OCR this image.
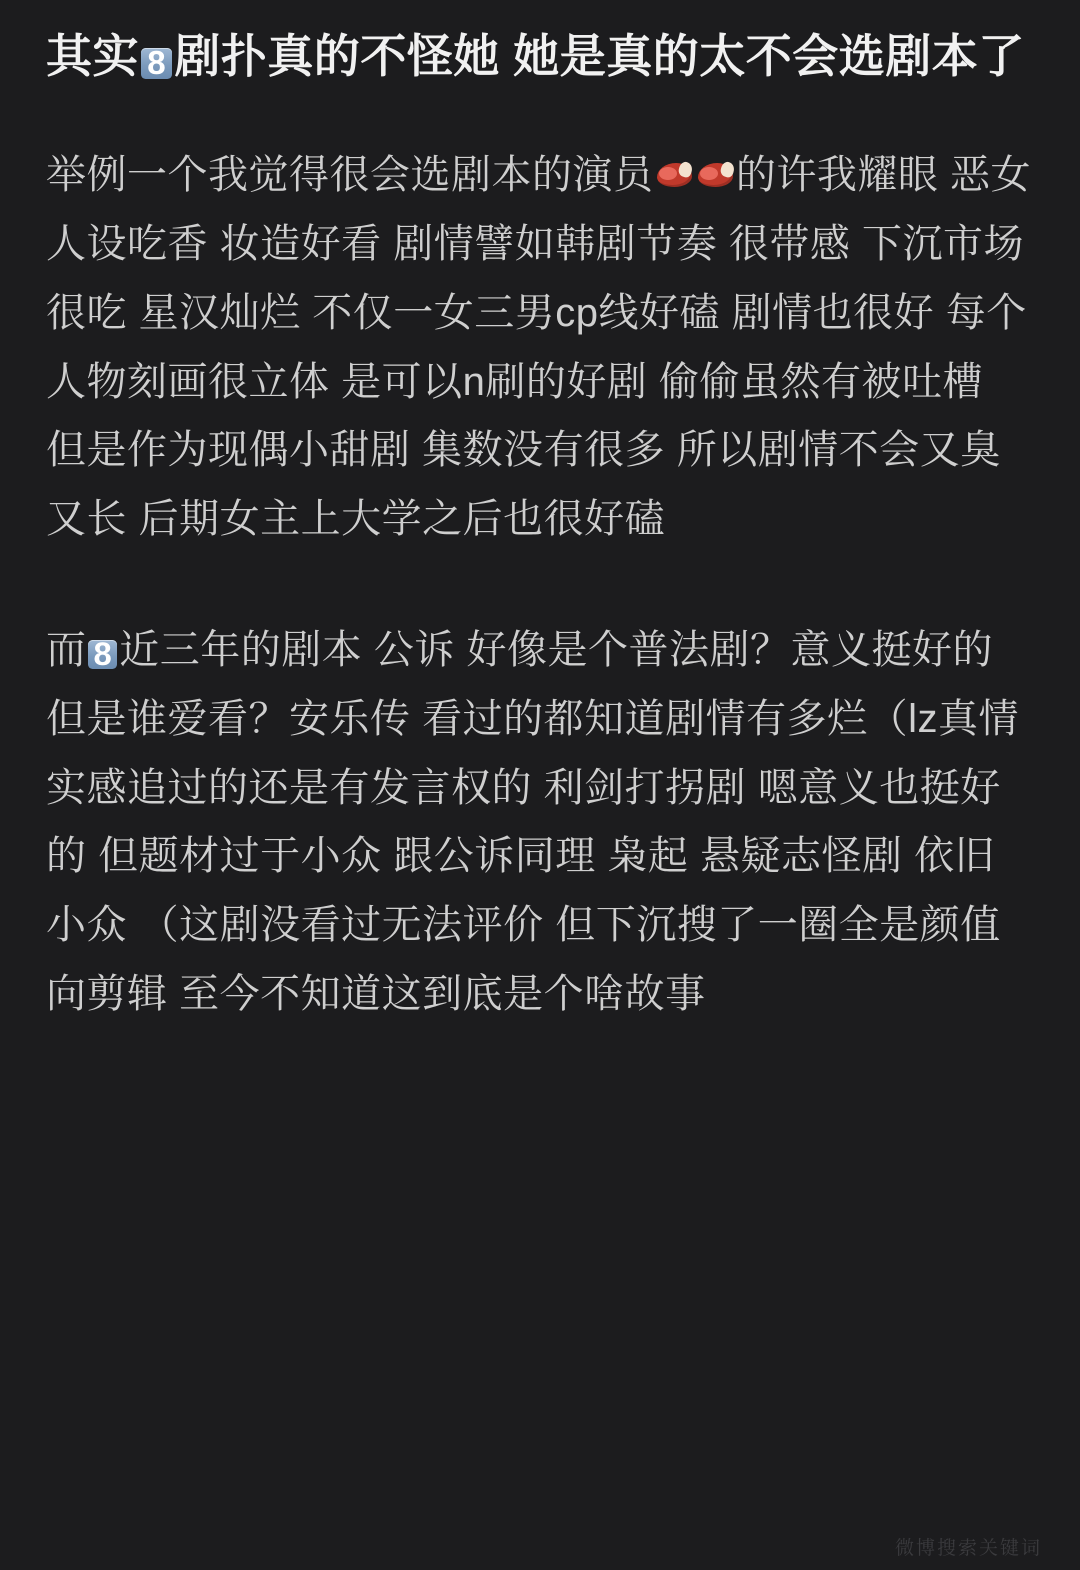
其实 8 剧扑真的不怪她 她是真的太不会选剧本了

举例一个我觉得很会选剧本的演员 的许我耀眼 恶女人设吃香 妆造好看 剧情譬如韩剧节奏 很带感 下沉市场很吃 星汉灿烂 不仅一女三男cp线好磕 剧情也很好 每个人物刻画很立体 是可以n刷的好剧 偷偷虽然有被吐槽 但是作为现偶小甜剧 集数没有很多 所以剧情不会又臭又长 后期女主上大学之后也很好磕

而 8 近三年的剧本 公诉 好像是个普法剧？意义挺好的 但是谁爱看？安乐传 看过的都知道剧情有多烂（lz真情实感追过的还是有发言权的 利剑打拐剧 嗯意义也挺好的 但题材过于小众 跟公诉同理 枭起 悬疑志怪剧 依旧小众 （这剧没看过无法评价 但下沉搜了一圈全是颜值向剪辑 至今不知道这到底是个啥故事

微博搜索关键词
